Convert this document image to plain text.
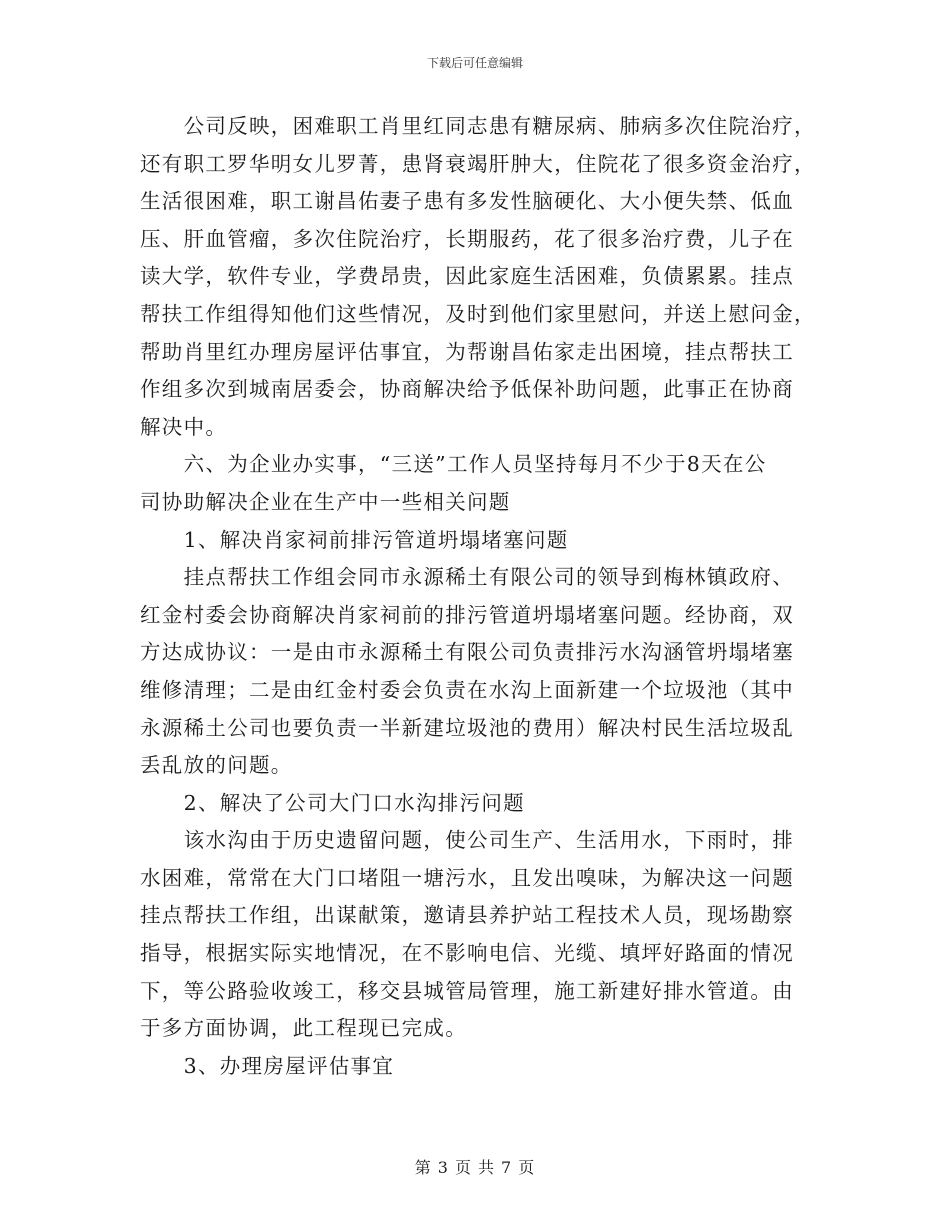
下载后可任意编辑
　　公司反映，困难职工肖里红同志患有糖尿病、肺病多次住院治疗，
还有职工罗华明女儿罗菁，患肾衰竭肝肿大，住院花了很多资金治疗，
生活很困难，职工谢昌佑妻子患有多发性脑硬化、大小便失禁、低血
压、肝血管瘤，多次住院治疗，长期服药，花了很多治疗费，儿子在
读大学，软件专业，学费昂贵，因此家庭生活困难，负债累累。挂点
帮扶工作组得知他们这些情况，及时到他们家里慰问，并送上慰问金，
帮助肖里红办理房屋评估事宜，为帮谢昌佑家走出困境，挂点帮扶工
作组多次到城南居委会，协商解决给予低保补助问题，此事正在协商
解决中。
　　六、为企业办实事，“三送”工作人员坚持每月不少于8天在公
司协助解决企业在生产中一些相关问题
　　1、解决肖家祠前排污管道坍塌堵塞问题
　　挂点帮扶工作组会同市永源稀土有限公司的领导到梅林镇政府、
红金村委会协商解决肖家祠前的排污管道坍塌堵塞问题。经协商，双
方达成协议：一是由市永源稀土有限公司负责排污水沟涵管坍塌堵塞
维修清理；二是由红金村委会负责在水沟上面新建一个垃圾池（其中
永源稀土公司也要负责一半新建垃圾池的费用）解决村民生活垃圾乱
丢乱放的问题。
　　2、解决了公司大门口水沟排污问题
　　该水沟由于历史遗留问题，使公司生产、生活用水，下雨时，排
水困难，常常在大门口堵阻一塘污水，且发出嗅味，为解决这一问题
挂点帮扶工作组，出谋献策，邀请县养护站工程技术人员，现场勘察
指导，根据实际实地情况，在不影响电信、光缆、填坪好路面的情况
下，等公路验收竣工，移交县城管局管理，施工新建好排水管道。由
于多方面协调，此工程现已完成。
　　3、办理房屋评估事宜
第 3 页 共 7 页
